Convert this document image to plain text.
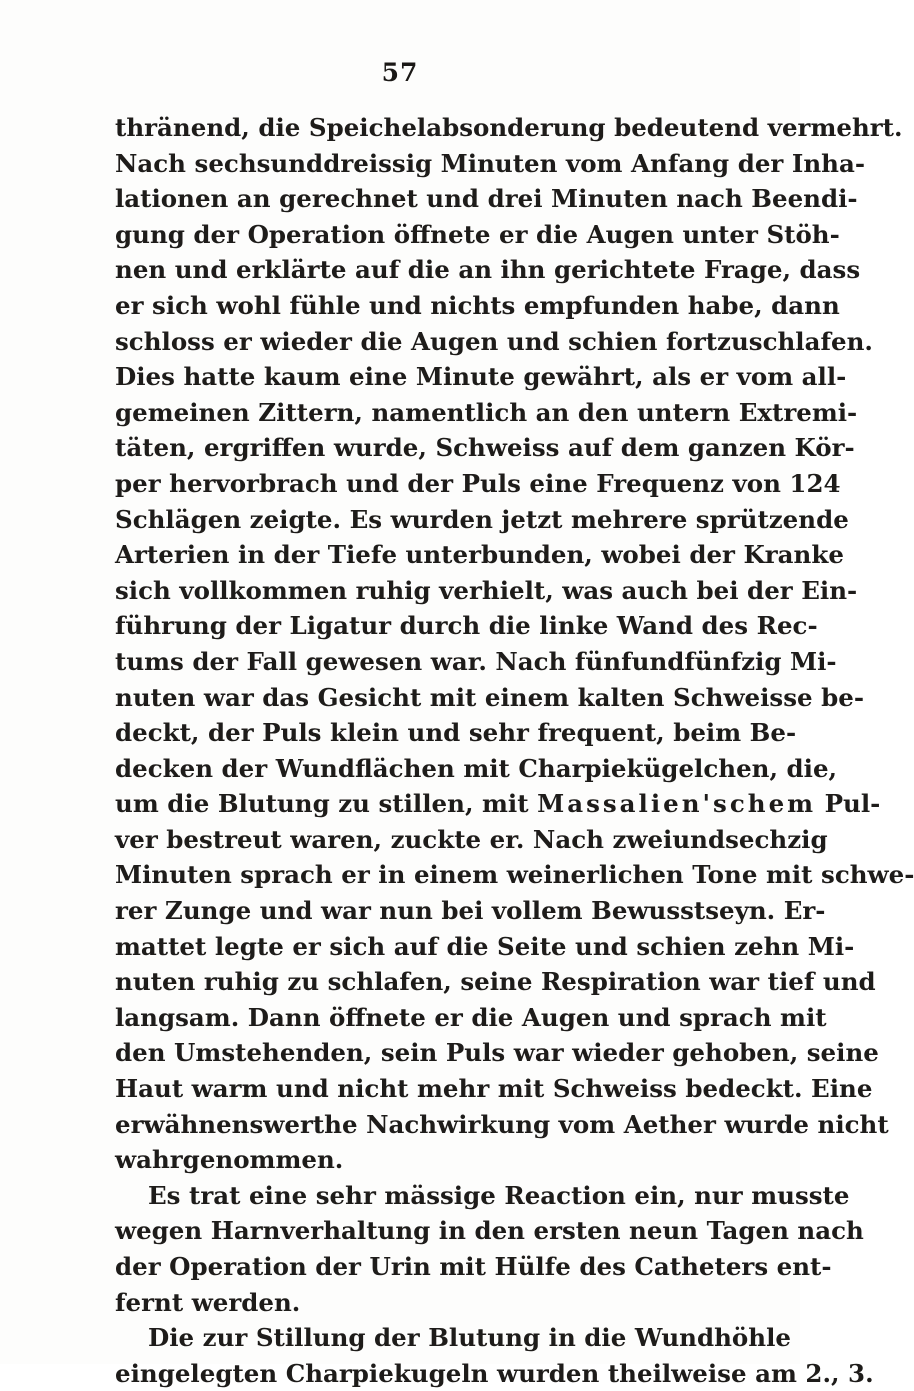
57
thränend, die Speichelabsonderung bedeutend vermehrt.
Nach sechsunddreissig Minuten vom Anfang der Inha-
lationen an gerechnet und drei Minuten nach Beendi-
gung der Operation öffnete er die Augen unter Stöh-
nen und erklärte auf die an ihn gerichtete Frage, dass
er sich wohl fühle und nichts empfunden habe, dann
schloss er wieder die Augen und schien fortzuschlafen.
Dies hatte kaum eine Minute gewährt, als er vom all-
gemeinen Zittern, namentlich an den untern Extremi-
täten, ergriffen wurde, Schweiss auf dem ganzen Kör-
per hervorbrach und der Puls eine Frequenz von 124
Schlägen zeigte. Es wurden jetzt mehrere sprützende
Arterien in der Tiefe unterbunden, wobei der Kranke
sich vollkommen ruhig verhielt, was auch bei der Ein-
führung der Ligatur durch die linke Wand des Rec-
tums der Fall gewesen war. Nach fünfundfünfzig Mi-
nuten war das Gesicht mit einem kalten Schweisse be-
deckt, der Puls klein und sehr frequent, beim Be-
decken der Wundflächen mit Charpiekügelchen, die,
um die Blutung zu stillen, mit Massalien'schem Pul-
ver bestreut waren, zuckte er. Nach zweiundsechzig
Minuten sprach er in einem weinerlichen Tone mit schwe-
rer Zunge und war nun bei vollem Bewusstseyn. Er-
mattet legte er sich auf die Seite und schien zehn Mi-
nuten ruhig zu schlafen, seine Respiration war tief und
langsam. Dann öffnete er die Augen und sprach mit
den Umstehenden, sein Puls war wieder gehoben, seine
Haut warm und nicht mehr mit Schweiss bedeckt. Eine
erwähnenswerthe Nachwirkung vom Aether wurde nicht
wahrgenommen.
Es trat eine sehr mässige Reaction ein, nur musste
wegen Harnverhaltung in den ersten neun Tagen nach
der Operation der Urin mit Hülfe des Catheters ent-
fernt werden.
Die zur Stillung der Blutung in die Wundhöhle
eingelegten Charpiekugeln wurden theilweise am 2., 3.
